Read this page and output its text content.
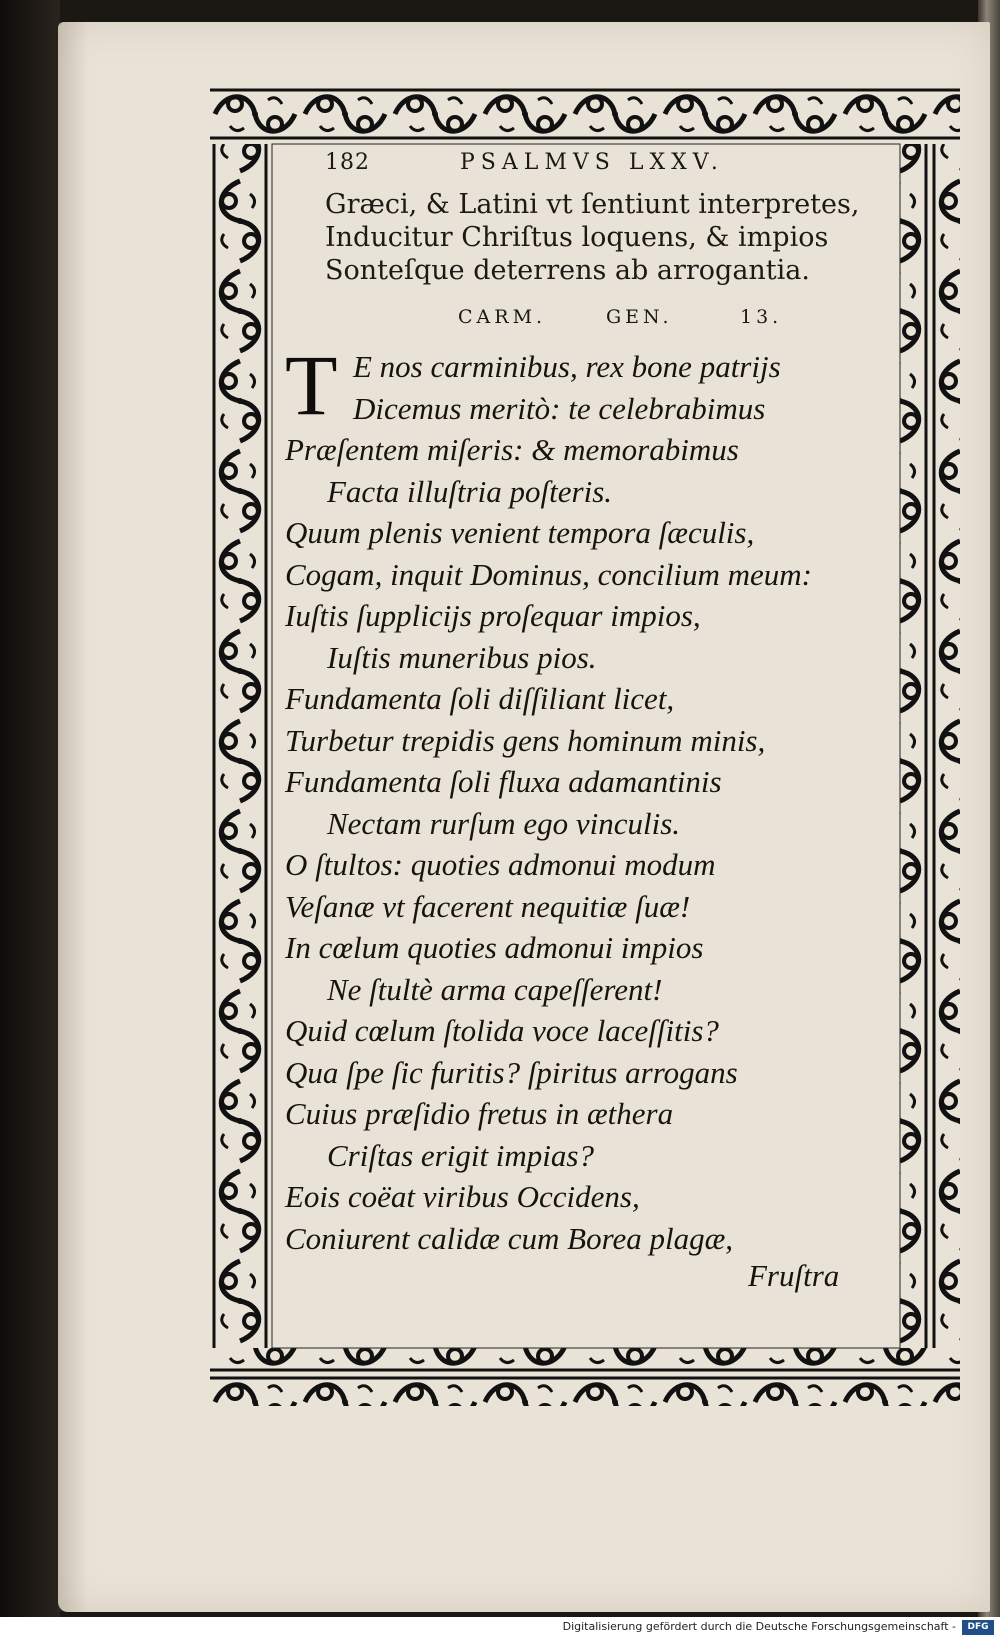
182	PSALMVS LXXV.
Græci, & Latini vt ſentiunt interpretes,
Inducitur Chriſtus loquens, & impios
Sonteſque deterrens ab arrogantia.
CARM.	GEN.	13.
T E nos carminibus, rex bone patrijs
Dicemus meritò: te celebrabimus
Præſentem miſeris: & memorabimus
Facta illuſtria poſteris.
Quum plenis venient tempora ſæculis,
Cogam, inquit Dominus, concilium meum:
Iuſtis ſupplicijs proſequar impios,
Iuſtis muneribus pios.
Fundamenta ſoli diſſiliant licet,
Turbetur trepidis gens hominum minis,
Fundamenta ſoli fluxa adamantinis
Nectam rurſum ego vinculis.
O ſtultos: quoties admonui modum
Veſanæ vt facerent nequitiæ ſuæ!
In cœlum quoties admonui impios
Ne ſtultè arma capeſſerent!
Quid cœlum ſtolida voce laceſſitis?
Qua ſpe ſic furitis? ſpiritus arrogans
Cuius præſidio fretus in æthera
Criſtas erigit impias?
Eois coëat viribus Occidens,
Coniurent calidæ cum Borea plagæ,
Fruſtra
Digitalisierung gefördert durch die Deutsche Forschungsgemeinschaft -	DFG
